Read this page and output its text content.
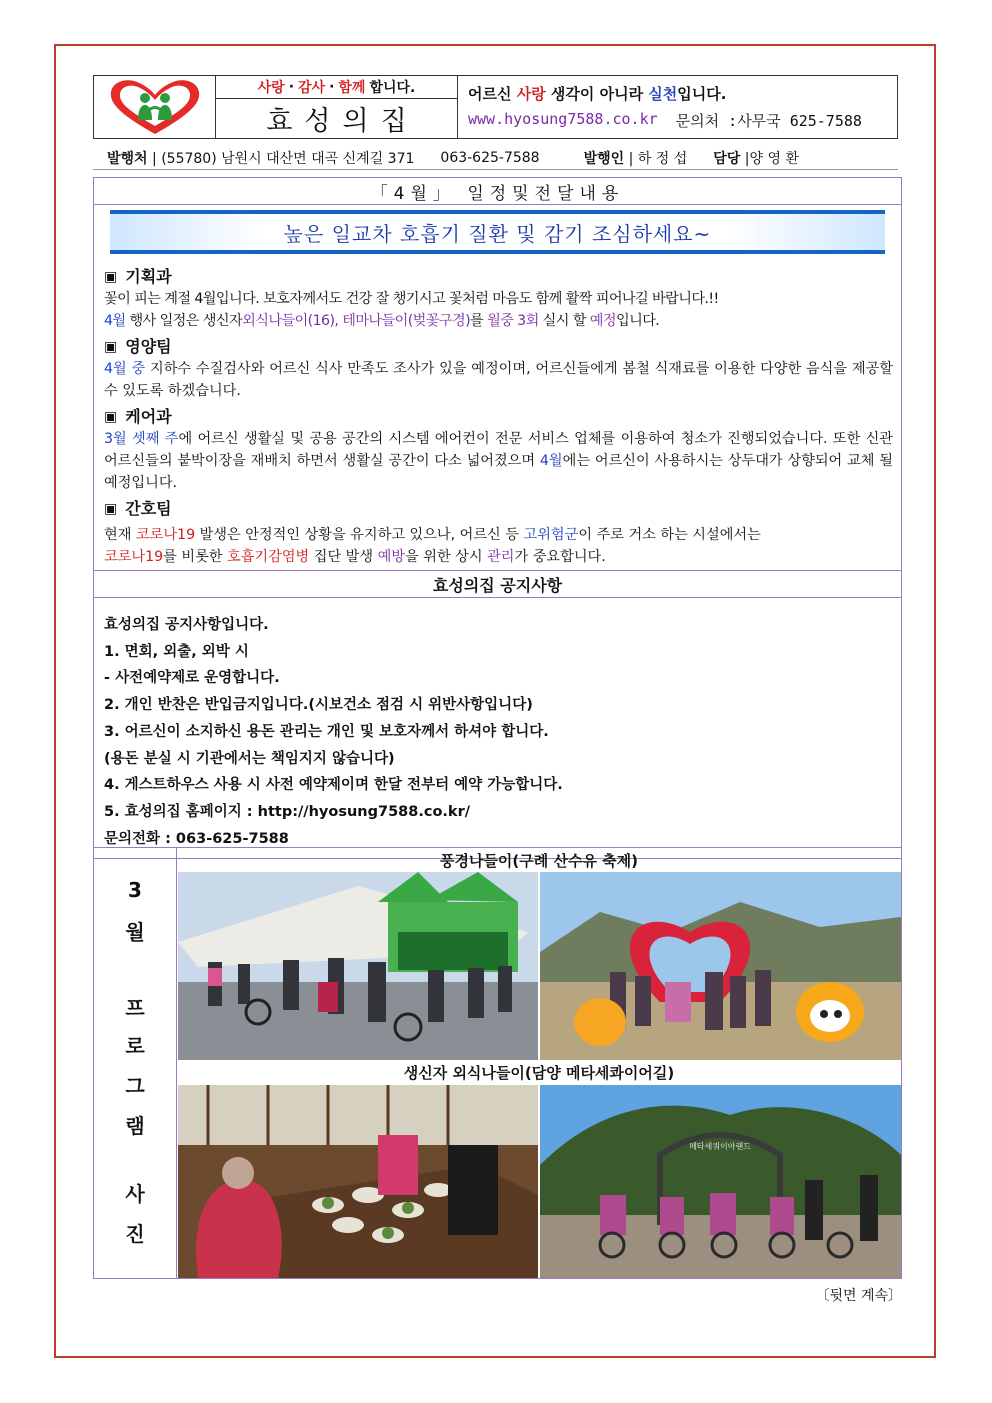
사랑 · 감사 · 함께 합니다.
효성의집
어르신 사랑 생각이 아니라 실천입니다.
www.hyosung7588.co.kr 문의처 :사무국 625-7588
발행처 | (55780) 남원시 대산면 대곡 신계길 371 063-625-7588	발행인 | 하 정 섭 담당 |양 영 환
「4월」 일정및전달내용
높은 일교차 호흡기 질환 및 감기 조심하세요~
▣ 기획과

꽃이 피는 계절 4월입니다. 보호자께서도 건강 잘 챙기시고 꽃처럼 마음도 함께 활짝 피어나길 바랍니다.!!

4월 행사 일정은 생신자외식나들이(16), 테마나들이(벚꽃구경)를 월중 3회 실시 할 예정입니다.

▣ 영양팀

4월 중 지하수 수질검사와 어르신 식사 만족도 조사가 있을 예정이며, 어르신들에게 봄철 식재료를 이용한 다양한 음식을 제공할 수 있도록 하겠습니다.

▣ 케어과

3월 셋째 주에 어르신 생활실 및 공용 공간의 시스템 에어컨이 전문 서비스 업체를 이용하여 청소가 진행되었습니다. 또한 신관 어르신들의 붙박이장을 재배치 하면서 생활실 공간이 다소 넓어졌으며 4월에는 어르신이 사용하시는 상두대가 상향되어 교체 될 예정입니다.

▣ 간호팀

현재 코로나19 발생은 안정적인 상황을 유지하고 있으나, 어르신 등 고위험군이 주로 거소 하는 시설에서는

코로나19를 비롯한 호흡기감염병 집단 발생 예방을 위한 상시 관리가 중요합니다.

효성의집 공지사항
효성의집 공지사항입니다.
1. 면회, 외출, 외박 시
- 사전예약제로 운영합니다.
2. 개인 반찬은 반입금지입니다.(시보건소 점검 시 위반사항입니다)
3. 어르신이 소지하신 용돈 관리는 개인 및 보호자께서 하셔야 합니다.
(용돈 분실 시 기관에서는 책임지지 않습니다)
4. 게스트하우스 사용 시 사전 예약제이며 한달 전부터 예약 가능합니다.
5. 효성의집 홈페이지 : http://hyosung7588.co.kr/
문의전화 : 063-625-7588
3
월
프
로
그
램
사
진
풍경나들이(구례 산수유 축제)
생신자 외식나들이(담양 메타세콰이어길)
메타세쿼이아랜드
〔뒷면 계속〕
